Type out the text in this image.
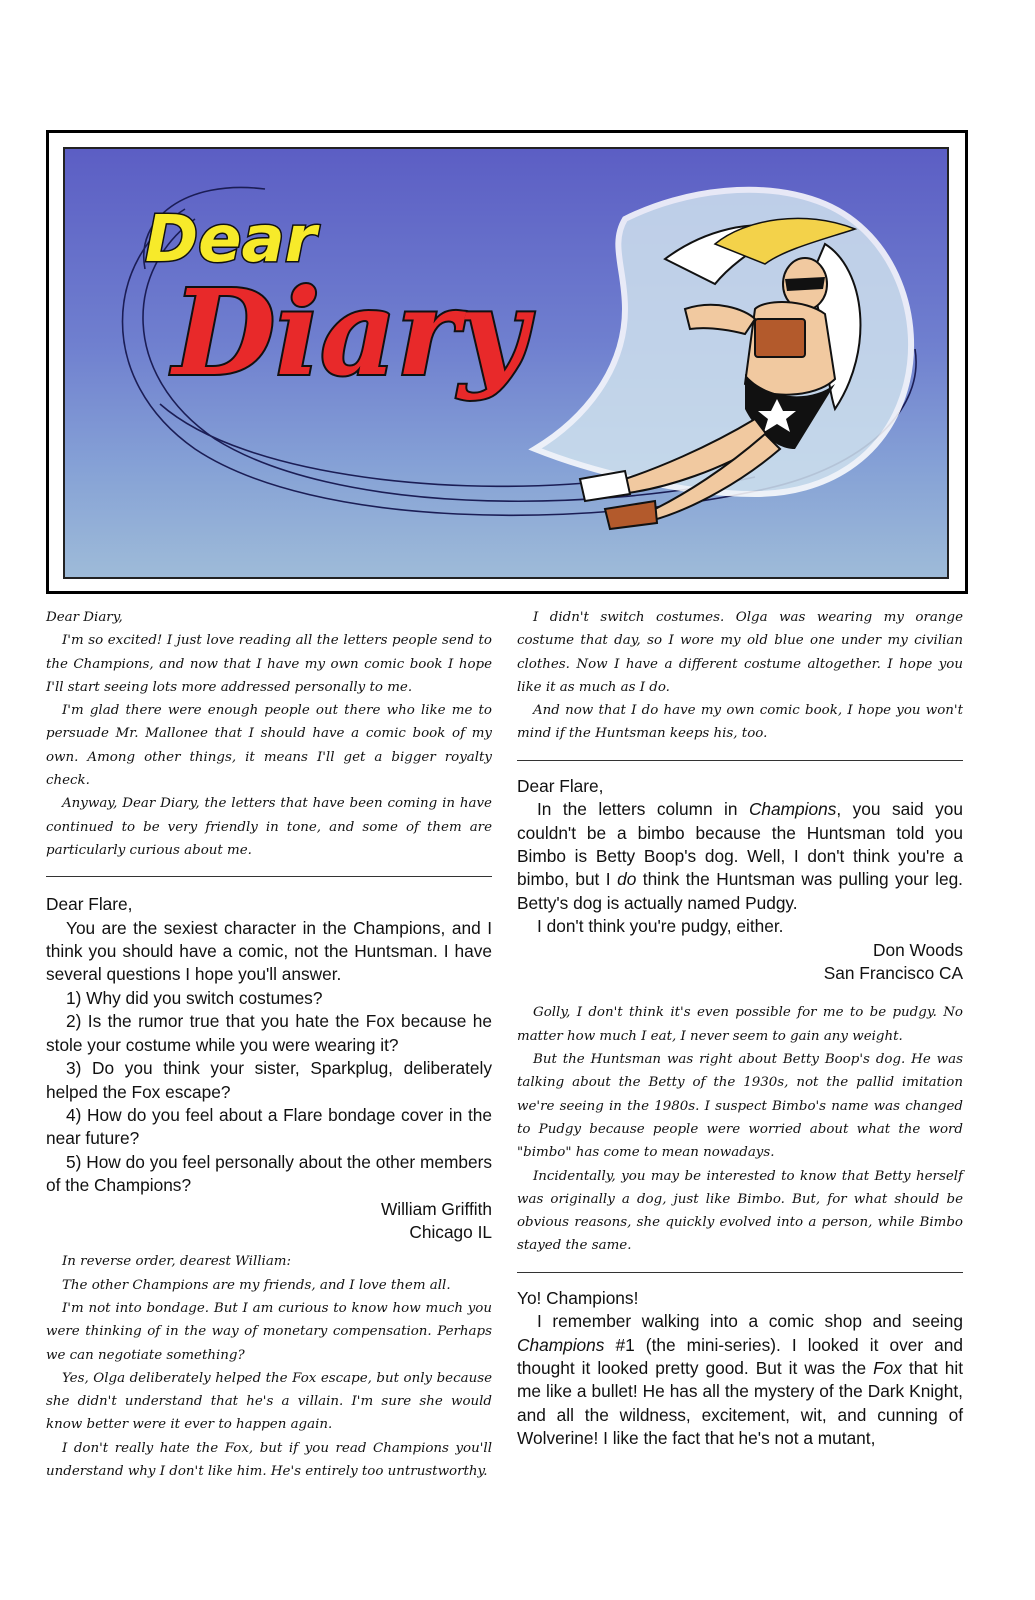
Dear
Diary
Dear Diary,
I'm so excited! I just love reading all the letters people send to the Champions, and now that I have my own comic book I hope I'll start seeing lots more addressed personally to me.
I'm glad there were enough people out there who like me to persuade Mr. Mallonee that I should have a comic book of my own. Among other things, it means I'll get a bigger royalty check.
Anyway, Dear Diary, the letters that have been coming in have continued to be very friendly in tone, and some of them are particularly curious about me.
Dear Flare,
You are the sexiest character in the Champions, and I think you should have a comic, not the Huntsman. I have several questions I hope you'll answer.
1) Why did you switch costumes?
2) Is the rumor true that you hate the Fox because he stole your costume while you were wearing it?
3) Do you think your sister, Sparkplug, deliberately helped the Fox escape?
4) How do you feel about a Flare bondage cover in the near future?
5) How do you feel personally about the other members of the Champions?
William Griffith
Chicago IL
In reverse order, dearest William:
The other Champions are my friends, and I love them all.
I'm not into bondage. But I am curious to know how much you were thinking of in the way of monetary compensation. Perhaps we can negotiate something?
Yes, Olga deliberately helped the Fox escape, but only because she didn't understand that he's a villain. I'm sure she would know better were it ever to happen again.
I don't really hate the Fox, but if you read Champions you'll understand why I don't like him. He's entirely too untrustworthy.
I didn't switch costumes. Olga was wearing my orange costume that day, so I wore my old blue one under my civilian clothes. Now I have a different costume altogether. I hope you like it as much as I do.
And now that I do have my own comic book, I hope you won't mind if the Huntsman keeps his, too.
Dear Flare,
In the letters column in Champions, you said you couldn't be a bimbo because the Huntsman told you Bimbo is Betty Boop's dog. Well, I don't think you're a bimbo, but I do think the Huntsman was pulling your leg. Betty's dog is actually named Pudgy.
I don't think you're pudgy, either.
Don Woods
San Francisco CA
Golly, I don't think it's even possible for me to be pudgy. No matter how much I eat, I never seem to gain any weight.
But the Huntsman was right about Betty Boop's dog. He was talking about the Betty of the 1930s, not the pallid imitation we're seeing in the 1980s. I suspect Bimbo's name was changed to Pudgy because people were worried about what the word "bimbo" has come to mean nowadays.
Incidentally, you may be interested to know that Betty herself was originally a dog, just like Bimbo. But, for what should be obvious reasons, she quickly evolved into a person, while Bimbo stayed the same.
Yo! Champions!
I remember walking into a comic shop and seeing Champions #1 (the mini-series). I looked it over and thought it looked pretty good. But it was the Fox that hit me like a bullet! He has all the mystery of the Dark Knight, and all the wildness, excitement, wit, and cunning of Wolverine! I like the fact that he's not a mutant,
